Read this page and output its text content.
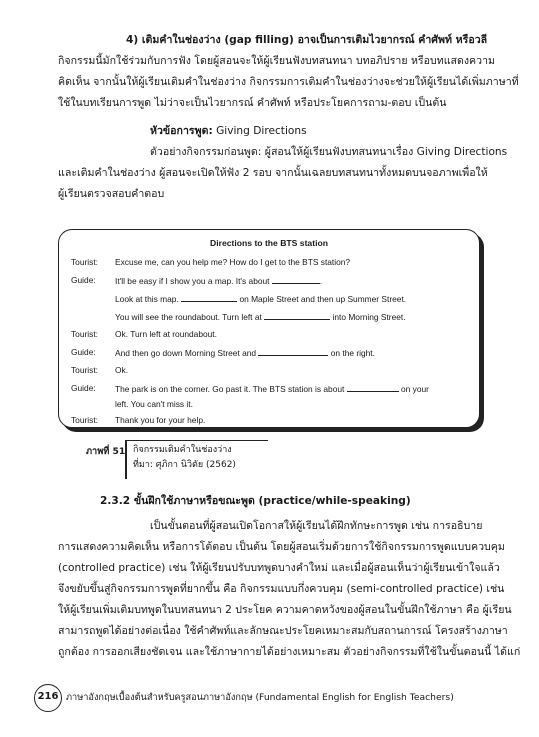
4) เติมคำในช่องว่าง (gap filling) อาจเป็นการเติมไวยากรณ์ คำศัพท์ หรือวลี
กิจกรรมนี้มักใช้ร่วมกับการฟัง โดยผู้สอนจะให้ผู้เรียนฟังบทสนทนา บทอภิปราย หรือบทแสดงความ
คิดเห็น จากนั้นให้ผู้เรียนเติมคำในช่องว่าง กิจกรรมการเติมคำในช่องว่างจะช่วยให้ผู้เรียนได้เพิ่มภาษาที่
ใช้ในบทเรียนการพูด ไม่ว่าจะเป็นไวยากรณ์ คำศัพท์ หรือประโยคการถาม-ตอบ เป็นต้น
หัวข้อการพูด: Giving Directions
ตัวอย่างกิจกรรมก่อนพูด: ผู้สอนให้ผู้เรียนฟังบทสนทนาเรื่อง Giving Directions
และเติมคำในช่องว่าง ผู้สอนจะเปิดให้ฟัง 2 รอบ จากนั้นเฉลยบทสนทนาทั้งหมดบนจอภาพเพื่อให้
ผู้เรียนตรวจสอบคำตอบ
Directions to the BTS station
Tourist: Excuse me, can you help me? How do I get to the BTS station?
Guide: It'll be easy if I show you a map. It's about	.
Look at this map.	on Maple Street and then up Summer Street.
You will see the roundabout. Turn left at	into Morning Street.
Tourist: Ok. Turn left at roundabout.
Guide: And then go down Morning Street and	on the right.
Tourist: Ok.
Guide: The park is on the corner. Go past it. The BTS station is about	on your
left. You can't miss it.
Tourist: Thank you for your help.
ภาพที่ 51 กิจกรรมเติมคำในช่องว่าง
ที่มา: ศุภิกา นิวิตัย (2562)
2.3.2 ขั้นฝึกใช้ภาษาหรือขณะพูด (practice/while-speaking)
เป็นขั้นตอนที่ผู้สอนเปิดโอกาสให้ผู้เรียนได้ฝึกทักษะการพูด เช่น การอธิบาย
การแสดงความคิดเห็น หรือการโต้ตอบ เป็นต้น โดยผู้สอนเริ่มด้วยการใช้กิจกรรมการพูดแบบควบคุม
(controlled practice) เช่น ให้ผู้เรียนปรับบทพูดบางคำใหม่ และเมื่อผู้สอนเห็นว่าผู้เรียนเข้าใจแล้ว
จึงขยับขึ้นสู่กิจกรรมการพูดที่ยากขึ้น คือ กิจกรรมแบบกึ่งควบคุม (semi-controlled practice) เช่น
ให้ผู้เรียนเพิ่มเติมบทพูดในบทสนทนา 2 ประโยค ความคาดหวังของผู้สอนในขั้นฝึกใช้ภาษา คือ ผู้เรียน
สามารถพูดได้อย่างต่อเนื่อง ใช้คำศัพท์และลักษณะประโยคเหมาะสมกับสถานการณ์ โครงสร้างภาษา
ถูกต้อง การออกเสียงชัดเจน และใช้ภาษากายได้อย่างเหมาะสม ตัวอย่างกิจกรรมที่ใช้ในขั้นตอนนี้ ได้แก่
216 ภาษาอังกฤษเบื้องต้นสำหรับครูสอนภาษาอังกฤษ (Fundamental English for English Teachers)
